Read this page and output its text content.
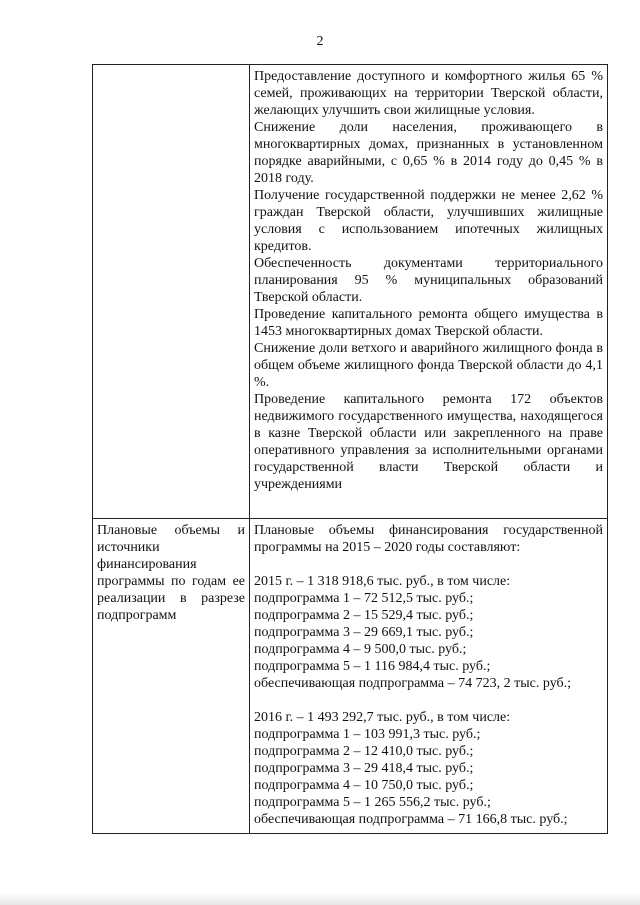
2

Предоставление доступного и комфортного жилья 65 % семей, проживающих на территории Тверской области, желающих улучшить свои жилищные условия.

Снижение доли населения, проживающего в многоквартирных домах, признанных в установленном порядке аварийными, с 0,65 % в 2014 году до 0,45 % в 2018 году.

Получение государственной поддержки не менее 2,62 % граждан Тверской области, улучшивших жилищные условия с использованием ипотечных жилищных кредитов.

Обеспеченность документами территориального планирования 95 % муниципальных образований Тверской области.

Проведение капитального ремонта общего имущества в 1453 многоквартирных домах Тверской области.

Снижение доли ветхого и аварийного жилищного фонда в общем объеме жилищного фонда Тверской области до 4,1 %.

Проведение капитального ремонта 172 объектов недвижимого государственного имущества, находящегося в казне Тверской области или закрепленного на праве оперативного управления за исполнительными органами государственной власти Тверской области и учреждениями

Плановые объемы и источники финансирования программы по годам ее реализации в разрезе подпрограмм

Плановые объемы финансирования государственной программы на 2015 – 2020 годы составляют:

2015 г. – 1 318 918,6 тыс. руб., в том числе:

подпрограмма 1 – 72 512,5 тыс. руб.;

подпрограмма 2 – 15 529,4 тыс. руб.;

подпрограмма 3 – 29 669,1 тыс. руб.;

подпрограмма 4 – 9 500,0 тыс. руб.;

подпрограмма 5 – 1 116 984,4 тыс. руб.;

обеспечивающая подпрограмма – 74 723, 2 тыс. руб.;

2016 г. – 1 493 292,7 тыс. руб., в том числе:

подпрограмма 1 – 103 991,3 тыс. руб.;

подпрограмма 2 – 12 410,0 тыс. руб.;

подпрограмма 3 – 29 418,4 тыс. руб.;

подпрограмма 4 – 10 750,0 тыс. руб.;

подпрограмма 5 – 1 265 556,2 тыс. руб.;

обеспечивающая подпрограмма – 71 166,8 тыс. руб.;
